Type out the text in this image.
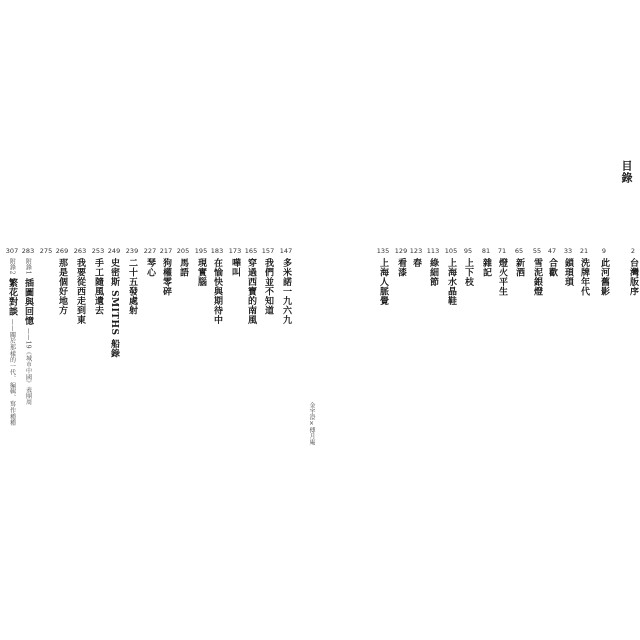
目錄
2
台灣版序
9
此河舊影
21
洗牌年代
33
鎖瑣瑣
47
合歡
55
雪泥銀燈
65
新酒
71
燈火平生
81
雜記
95
上下枝
105
上海水晶鞋
113
綠細節
123
春
129
看漆
135
上海人脈覺
147
多米諾一九六九
157
我們並不知道
165
穿過西寶的南風
173
嘩叫
183
在愉快與期待中
195
現實腦
205
馬語
217
狗權零碎
227
琴心
239
二十五發處射
249
史密斯 SMITHS 船錄
253
手工隨風遺去
263
我要從西走到東
269
那是個好地方
275
283
附錄1
插圖與回憶
——19《城市中國》表團周
307
附錄2
繁花對談
——關於那樣的一代、編輯、寫作種種	金宇澄×傅月庵
